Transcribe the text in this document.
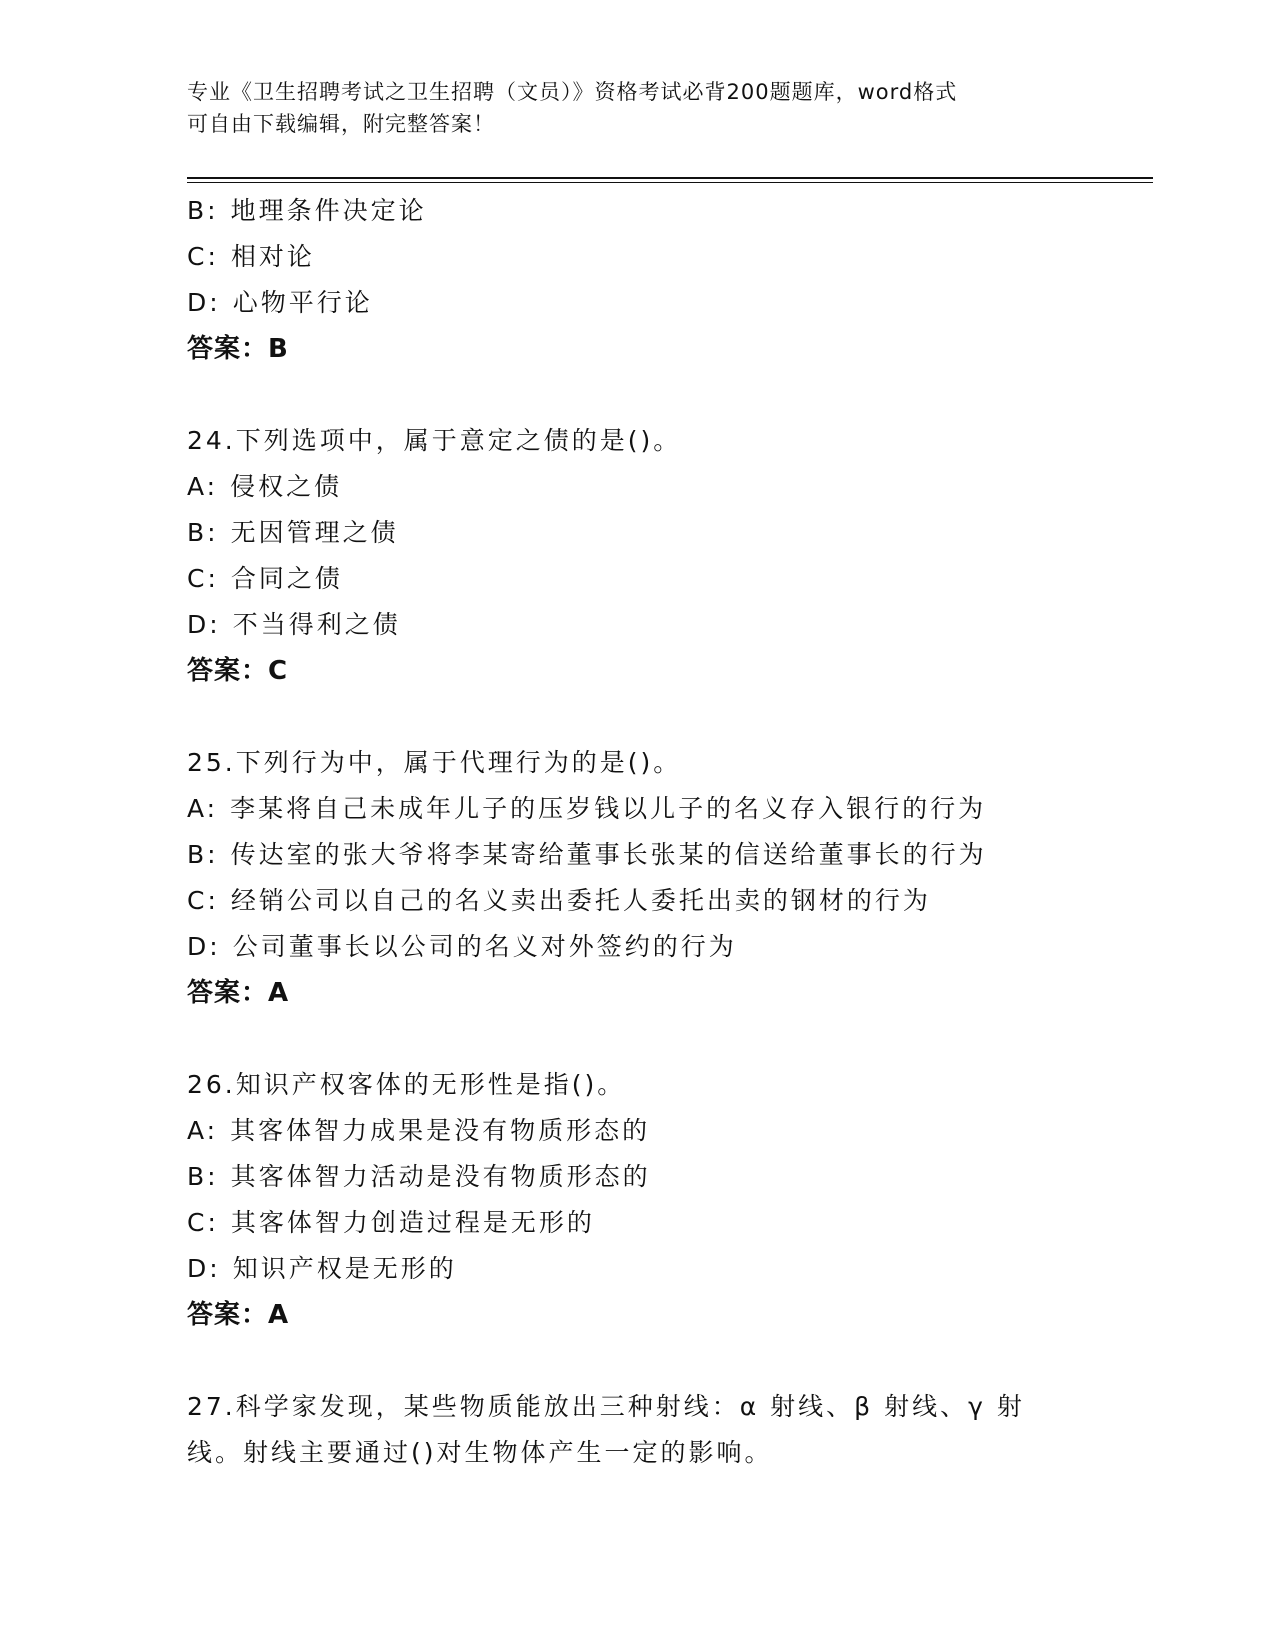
专业《卫生招聘考试之卫生招聘（文员）》资格考试必背200题题库，word格式
可自由下载编辑，附完整答案！
B: 地理条件决定论
C: 相对论
D: 心物平行论
答案：B
24.下列选项中，属于意定之债的是()。
A: 侵权之债
B: 无因管理之债
C: 合同之债
D: 不当得利之债
答案：C
25.下列行为中，属于代理行为的是()。
A: 李某将自己未成年儿子的压岁钱以儿子的名义存入银行的行为
B: 传达室的张大爷将李某寄给董事长张某的信送给董事长的行为
C: 经销公司以自己的名义卖出委托人委托出卖的钢材的行为
D: 公司董事长以公司的名义对外签约的行为
答案：A
26.知识产权客体的无形性是指()。
A: 其客体智力成果是没有物质形态的
B: 其客体智力活动是没有物质形态的
C: 其客体智力创造过程是无形的
D: 知识产权是无形的
答案：A
27.科学家发现，某些物质能放出三种射线：α 射线、β 射线、γ 射
线。射线主要通过()对生物体产生一定的影响。
